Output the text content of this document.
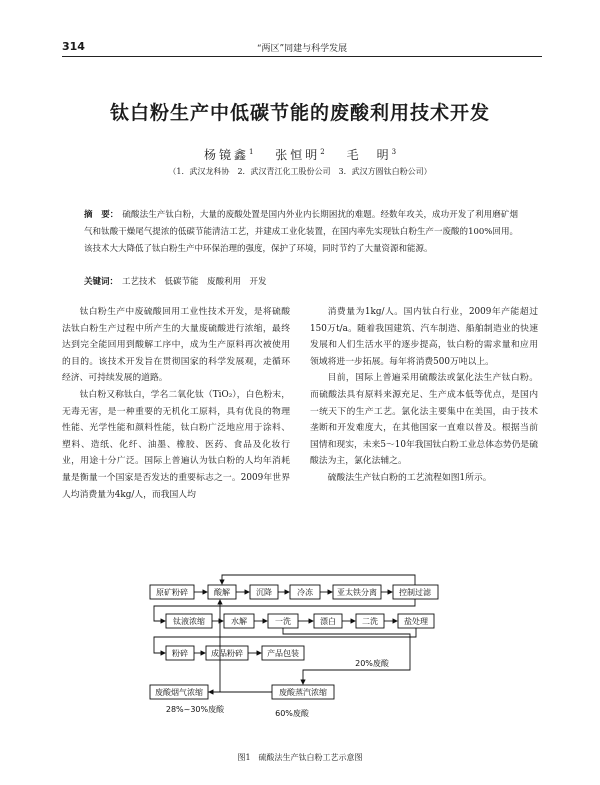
314	“两区”同建与科学发展
钛白粉生产中低碳节能的废酸利用技术开发
杨镜鑫$^1$　 张恒明$^2$　 毛　明$^3$
（1．武汉龙科协　2．武汉青江化工股份公司　3．武汉方圆钛白粉公司）
摘　要： 硫酸法生产钛白粉，大量的废酸处置是国内外业内长期困扰的难题。经数年攻关，成功开发了利用磨矿烟气和钛酸干燥尾气提浓的低碳节能清洁工艺，并建成工业化装置，在国内率先实现钛白粉生产一废酸的100%回用。该技术大大降低了钛白粉生产中环保治理的强度，保护了环境，同时节约了大量资源和能源。
关键词： 工艺技术　低碳节能　废酸利用　开发

钛白粉生产中废硫酸回用工业性技术开发，是将硫酸法钛白粉生产过程中所产生的大量废硫酸进行浓缩，最终达到完全能回用到酸解工序中，成为生产原料再次被使用的目的。该技术开发旨在贯彻国家的科学发展观，走循环经济、可持续发展的道路。

钛白粉又称钛白，学名二氧化钛（TiO₂），白色粉末，无毒无害，是一种重要的无机化工原料，具有优良的物理性能、光学性能和颜料性能，钛白粉广泛地应用于涂料、塑料、造纸、化纤、油墨、橡胶、医药、食品及化妆行业，用途十分广泛。国际上普遍认为钛白粉的人均年消耗量是衡量一个国家是否发达的重要标志之一。2009年世界人均消费量为4kg/人，而我国人均

消费量为1kg/人。国内钛白行业，2009年产能超过150万t/a。随着我国建筑、汽车制造、船舶制造业的快速发展和人们生活水平的逐步提高，钛白粉的需求量和应用领域将进一步拓展。每年将消费500万吨以上。

目前，国际上普遍采用硫酸法或氯化法生产钛白粉。而硫酸法具有原料来源充足、生产成本低等优点，是国内一统天下的生产工艺。氯化法主要集中在美国，由于技术垄断和开发难度大，在其他国家一直难以普及。根据当前国情和现实，未来5～10年我国钛白粉工业总体态势仍是硫酸法为主，氯化法辅之。

硫酸法生产钛白粉的工艺流程如图1所示。

原矿粉碎	酸解	沉降	冷冻	亚太铁分离	控制过滤
钛液浓缩	水解	一洗	漂白	二洗	盐处理
粉碎	成品粉碎	产品包装
废酸烟气浓缩	废酸蒸汽浓缩
20%废酸
28%~30%废酸	60%废酸
图1　硫酸法生产钛白粉工艺示意图
